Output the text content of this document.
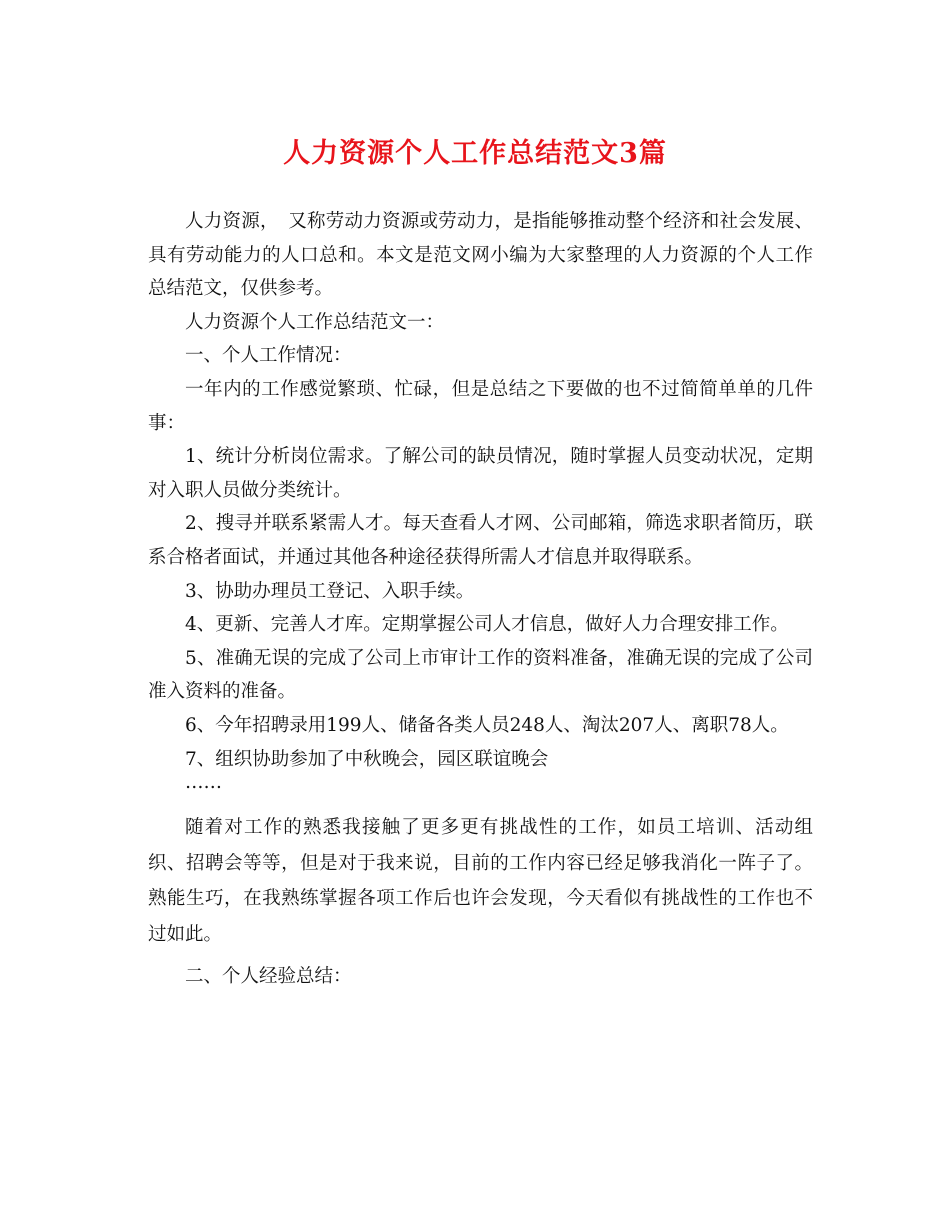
人力资源个人工作总结范文3篇

人力资源，　又称劳动力资源或劳动力，是指能够推动整个经济和社会发展、具有劳动能力的人口总和。本文是范文网小编为大家整理的人力资源的个人工作总结范文，仅供参考。

人力资源个人工作总结范文一：

一、个人工作情况：

一年内的工作感觉繁琐、忙碌，但是总结之下要做的也不过简简单单的几件事：

1、统计分析岗位需求。了解公司的缺员情况，随时掌握人员变动状况，定期对入职人员做分类统计。

2、搜寻并联系紧需人才。每天查看人才网、公司邮箱，筛选求职者简历，联系合格者面试，并通过其他各种途径获得所需人才信息并取得联系。

3、协助办理员工登记、入职手续。

4、更新、完善人才库。定期掌握公司人才信息，做好人力合理安排工作。

5、准确无误的完成了公司上市审计工作的资料准备，准确无误的完成了公司准入资料的准备。

6、今年招聘录用199人、储备各类人员248人、淘汰207人、离职78人。

7、组织协助参加了中秋晚会，园区联谊晚会

……

随着对工作的熟悉我接触了更多更有挑战性的工作，如员工培训、活动组织、招聘会等等，但是对于我来说，目前的工作内容已经足够我消化一阵子了。熟能生巧，在我熟练掌握各项工作后也许会发现，今天看似有挑战性的工作也不过如此。

二、个人经验总结：
